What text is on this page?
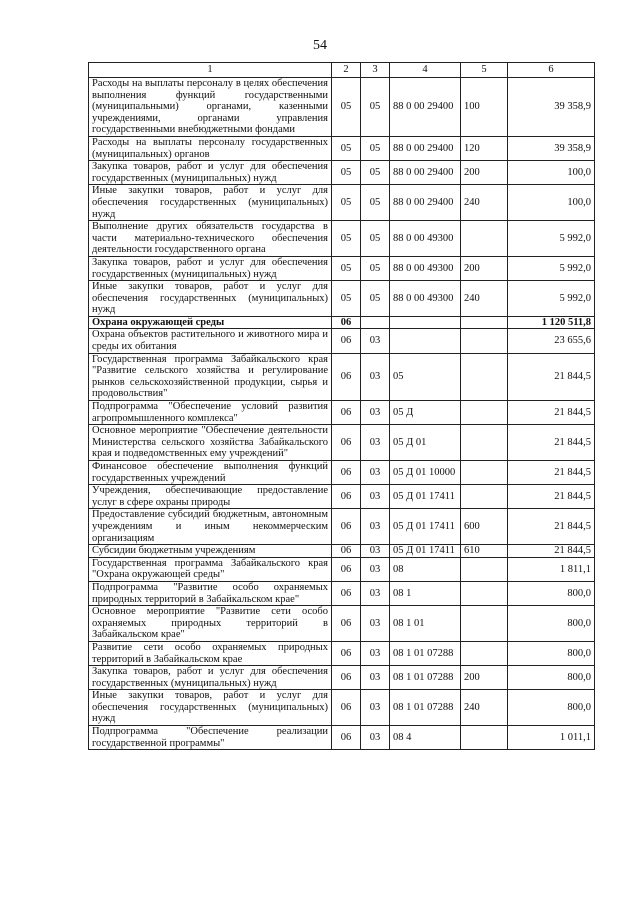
54
1	2	3	4	5	6
Расходы на выплаты персоналу в целях обеспечения выполнения функций государственными (муниципальными) органами, казенными учреждениями, органами управления государственными внебюджетными фондами	05	05	88 0 00 29400	100	39 358,9
Расходы на выплаты персоналу государственных (муниципальных) органов	05	05	88 0 00 29400	120	39 358,9
Закупка товаров, работ и услуг для обеспечения государственных (муниципальных) нужд	05	05	88 0 00 29400	200	100,0
Иные закупки товаров, работ и услуг для обеспечения государственных (муниципальных) нужд	05	05	88 0 00 29400	240	100,0
Выполнение других обязательств государства в части материально-технического обеспечения деятельности государственного органа	05	05	88 0 00 49300		5 992,0
Закупка товаров, работ и услуг для обеспечения государственных (муниципальных) нужд	05	05	88 0 00 49300	200	5 992,0
Иные закупки товаров, работ и услуг для обеспечения государственных (муниципальных) нужд	05	05	88 0 00 49300	240	5 992,0
Охрана окружающей среды	06				1 120 511,8
Охрана объектов растительного и животного мира и среды их обитания	06	03			23 655,6
Государственная программа Забайкальского края "Развитие сельского хозяйства и регулирование рынков сельскохозяйственной продукции, сырья и продовольствия"	06	03	05		21 844,5
Подпрограмма "Обеспечение условий развития агропромышленного комплекса"	06	03	05 Д		21 844,5
Основное мероприятие "Обеспечение деятельности Министерства сельского хозяйства Забайкальского края и подведомственных ему учреждений"	06	03	05 Д 01		21 844,5
Финансовое обеспечение выполнения функций государственных учреждений	06	03	05 Д 01 10000		21 844,5
Учреждения, обеспечивающие предоставление услуг в сфере охраны природы	06	03	05 Д 01 17411		21 844,5
Предоставление субсидий бюджетным, автономным учреждениям и иным некоммерческим организациям	06	03	05 Д 01 17411	600	21 844,5
Субсидии бюджетным учреждениям	06	03	05 Д 01 17411	610	21 844,5
Государственная программа Забайкальского края "Охрана окружающей среды"	06	03	08		1 811,1
Подпрограмма "Развитие особо охраняемых природных территорий в Забайкальском крае"	06	03	08 1		800,0
Основное мероприятие "Развитие сети особо охраняемых природных территорий в Забайкальском крае"	06	03	08 1 01		800,0
Развитие сети особо охраняемых природных территорий в Забайкальском крае	06	03	08 1 01 07288		800,0
Закупка товаров, работ и услуг для обеспечения государственных (муниципальных) нужд	06	03	08 1 01 07288	200	800,0
Иные закупки товаров, работ и услуг для обеспечения государственных (муниципальных) нужд	06	03	08 1 01 07288	240	800,0
Подпрограмма "Обеспечение реализации государственной программы"	06	03	08 4		1 011,1
